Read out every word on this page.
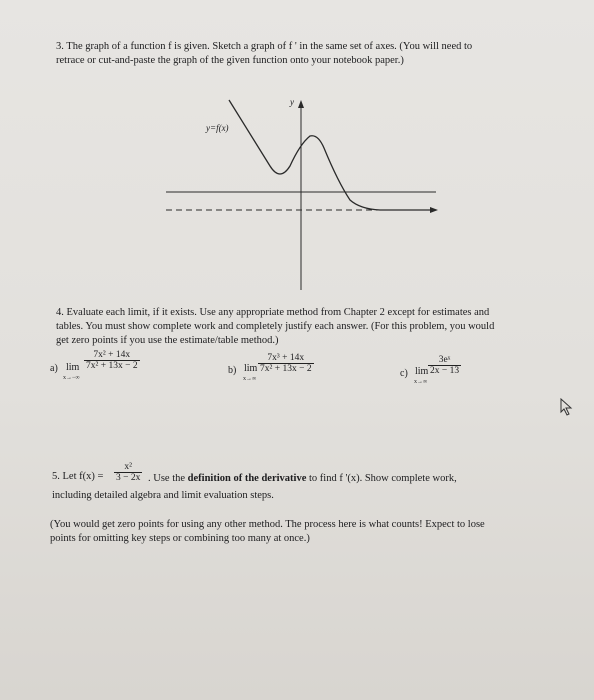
3. The graph of a function f is given. Sketch a graph of f ' in the same set of axes. (You will need to
retrace or cut-and-paste the graph of the given function onto your notebook paper.)
y=f(x)
y
4. Evaluate each limit, if it exists. Use any appropriate method from Chapter 2 except for estimates and
tables. You must show complete work and completely justify each answer. (For this problem, you would
get zero points if you use the estimate/table method.)
a) lim
x→−∞
$\frac{\text{7x² + 14x}}{\text{7x² + 13x − 2}}$	b) lim
x→∞
$\frac{\text{7x³ + 14x}}{\text{7x² + 13x − 2}}$	c) lim
x→∞
$\frac{\text{3eˣ}}{2x - 13}$
5. Let $f(x) = \frac{\text{x²}}{3 - 2x}$ . Use the definition of the derivative to find f '(x). Show complete work,
including detailed algebra and limit evaluation steps.
(You would get zero points for using any other method. The process here is what counts! Expect to lose
points for omitting key steps or combining too many at once.)
